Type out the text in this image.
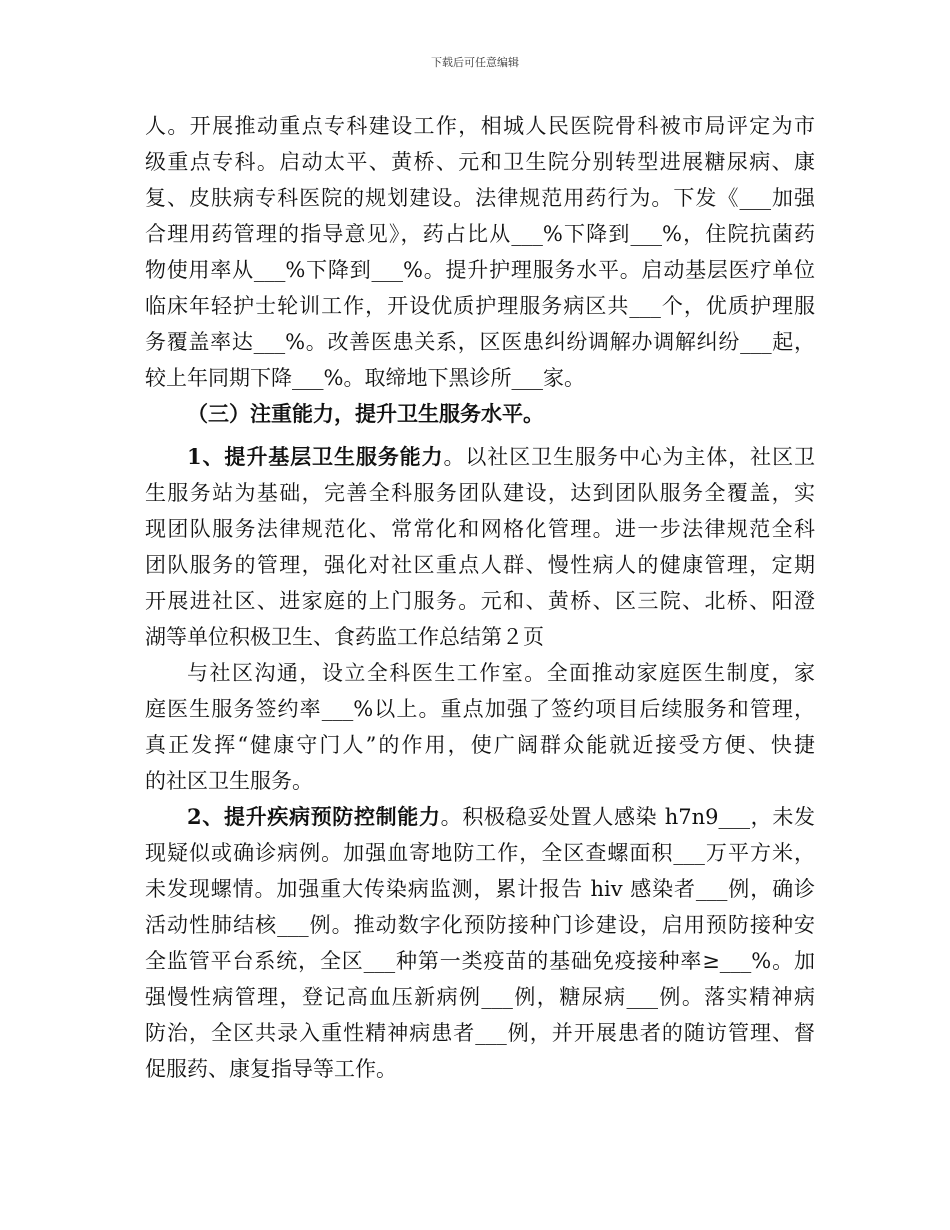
下载后可任意编辑
人。开展推动重点专科建设工作，相城人民医院骨科被市局评定为市
级重点专科。启动太平、黄桥、元和卫生院分别转型进展糖尿病、康
复、皮肤病专科医院的规划建设。法律规范用药行为。下发《___加强
合理用药管理的指导意见》，药占比从___%下降到___%，住院抗菌药
物使用率从___%下降到___%。提升护理服务水平。启动基层医疗单位
临床年轻护士轮训工作，开设优质护理服务病区共___个，优质护理服
务覆盖率达___%。改善医患关系，区医患纠纷调解办调解纠纷___起，
较上年同期下降___%。取缔地下黑诊所___家。
（三）注重能力，提升卫生服务水平。
1、提升基层卫生服务能力。以社区卫生服务中心为主体，社区卫
生服务站为基础，完善全科服务团队建设，达到团队服务全覆盖，实
现团队服务法律规范化、常常化和网格化管理。进一步法律规范全科
团队服务的管理，强化对社区重点人群、慢性病人的健康管理，定期
开展进社区、进家庭的上门服务。元和、黄桥、区三院、北桥、阳澄
湖等单位积极卫生、食药监工作总结第２页
与社区沟通，设立全科医生工作室。全面推动家庭医生制度，家
庭医生服务签约率___%以上。重点加强了签约项目后续服务和管理，
真正发挥“健康守门人”的作用，使广阔群众能就近接受方便、快捷
的社区卫生服务。
2、提升疾病预防控制能力。积极稳妥处置人感染 h7n9___，未发
现疑似或确诊病例。加强血寄地防工作，全区查螺面积___万平方米，
未发现螺情。加强重大传染病监测，累计报告 hiv 感染者___例，确诊
活动性肺结核___例。推动数字化预防接种门诊建设，启用预防接种安
全监管平台系统，全区___种第一类疫苗的基础免疫接种率≥___%。加
强慢性病管理，登记高血压新病例___例，糖尿病___例。落实精神病
防治，全区共录入重性精神病患者___例，并开展患者的随访管理、督
促服药、康复指导等工作。
